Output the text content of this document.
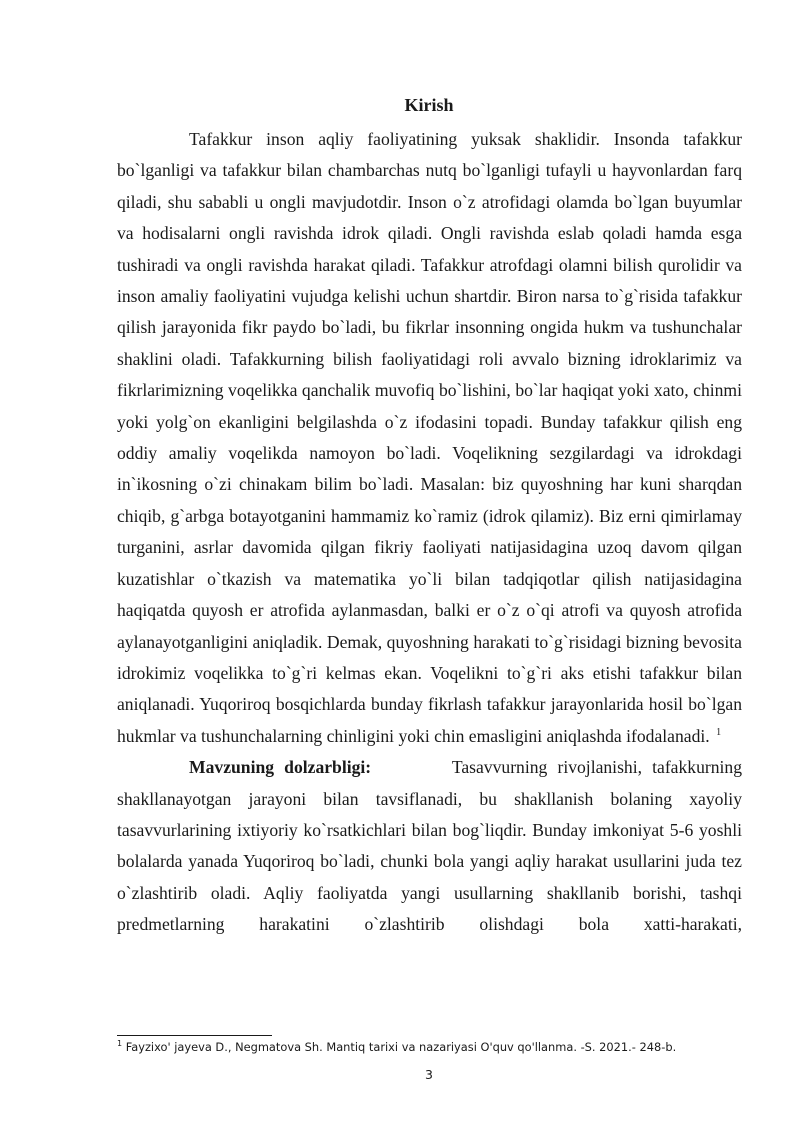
Kirish

Tafakkur inson aqliy faoliyatining yuksak shaklidir. Insonda tafakkur bo`lganligi va tafakkur bilan chambarchas nutq bo`lganligi tufayli u hayvonlardan farq qiladi, shu sababli u ongli mavjudotdir. Inson o`z atrofidagi olamda bo`lgan buyumlar va hodisalarni ongli ravishda idrok qiladi. Ongli ravishda eslab qoladi hamda esga tushiradi va ongli ravishda harakat qiladi. Tafakkur atrofdagi olamni bilish qurolidir va inson amaliy faoliyatini vujudga kelishi uchun shartdir. Biron narsa to`g`risida tafakkur qilish jarayonida fikr paydo bo`ladi, bu fikrlar insonning ongida hukm va tushunchalar shaklini oladi. Tafakkurning bilish faoliyatidagi roli avvalo bizning idroklarimiz va fikrlarimizning voqelikka qanchalik muvofiq bo`lishini, bo`lar haqiqat yoki xato, chinmi yoki yolg`on ekanligini belgilashda o`z ifodasini topadi. Bunday tafakkur qilish eng oddiy amaliy voqelikda namoyon bo`ladi. Voqelikning sezgilardagi va idrokdagi in`ikosning o`zi chinakam bilim bo`ladi. Masalan: biz quyoshning har kuni sharqdan chiqib, g`arbga botayotganini hammamiz ko`ramiz (idrok qilamiz). Biz erni qimirlamay turganini, asrlar davomida qilgan fikriy faoliyati natijasidagina uzoq davom qilgan kuzatishlar o`tkazish va matematika yo`li bilan tadqiqotlar qilish natijasidagina haqiqatda quyosh er atrofida aylanmasdan, balki er o`z o`qi atrofi va quyosh atrofida aylanayotganligini aniqladik. Demak, quyoshning harakati to`g`risidagi bizning bevosita idrokimiz voqelikka to`g`ri kelmas ekan. Voqelikni to`g`ri aks etishi tafakkur bilan aniqlanadi. Yuqoriroq bosqichlarda bunday fikrlash tafakkur jarayonlarida hosil bo`lgan hukmlar va tushunchalarning chinligini yoki chin emasligini aniqlashda ifodalanadi. $^1$

Mavzuning dolzarbligi:	Tasavvurning rivojlanishi, tafakkurning shakllanayotgan jarayoni bilan tavsiflanadi, bu shakllanish bolaning xayoliy tasavvurlarining ixtiyoriy ko`rsatkichlari bilan bog`liqdir. Bunday imkoniyat 5-6 yoshli bolalarda yanada Yuqoriroq bo`ladi, chunki bola yangi aqliy harakat usullarini juda tez o`zlashtirib oladi. Aqliy faoliyatda yangi usullarning shakllanib borishi, tashqi predmetlarning harakatini o`zlashtirib olishdagi bola xatti-harakati,

$^1$ Fayzixo' jayeva D., Negmatova Sh. Mantiq tarixi va nazariyasi O'quv qo'llanma. -S. 2021.- 248-b.
3
